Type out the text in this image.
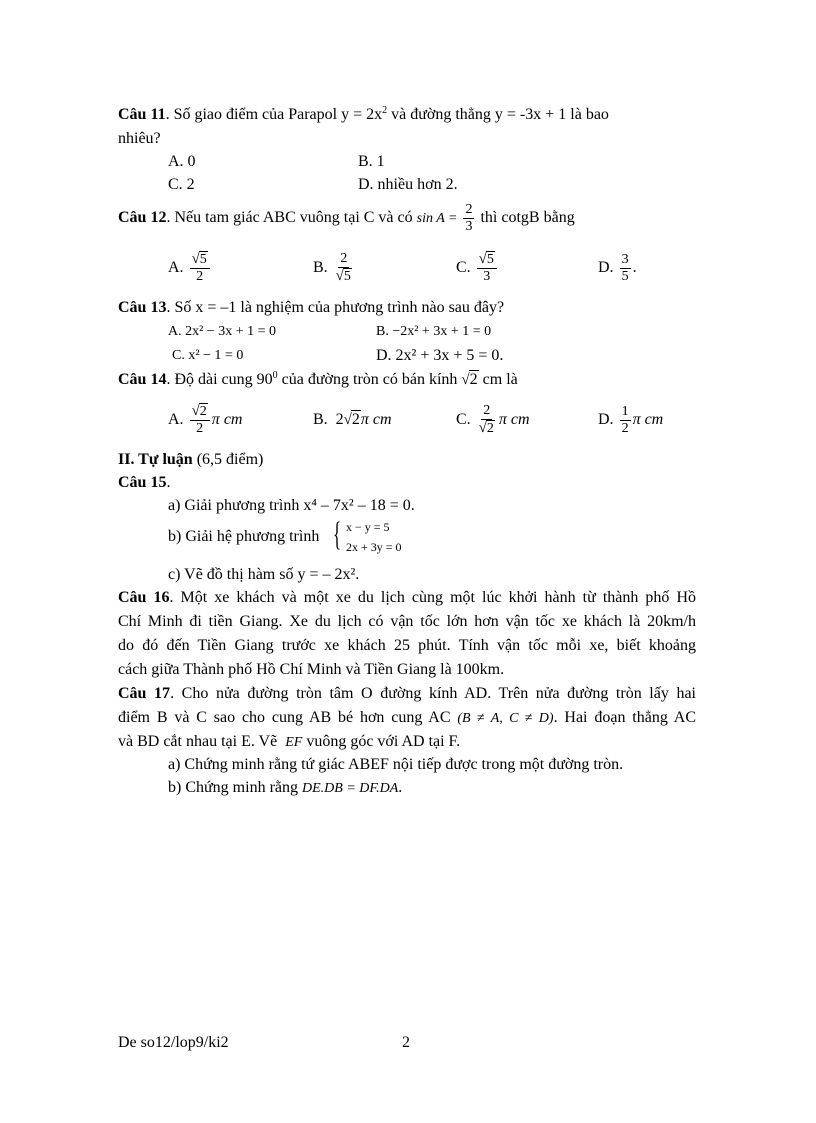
Câu 11. Số giao điểm của Parapol $y = 2x^2$ và đường thẳng y = -3x + 1 là bao
nhiêu?
A. 0	B. 1
C. 2	D. nhiều hơn 2.
Câu 12. Nếu tam giác ABC vuông tại C và có $\sin A = \frac{2}{3}$ thì cotgB bằng
A. $\frac{√5}{2}$	B. $\frac{2}{√5}$	C. $\frac{√5}{3}$	D. $\frac{3}{5}$ .
Câu 13. Số x = –1 là nghiệm của phương trình nào sau đây?
A. 2x² − 3x + 1 = 0	B. −2x² + 3x + 1 = 0
C. x² − 1 = 0	D. 2x² + 3x + 5 = 0.
Câu 14. Độ dài cung $90^0$ của đường tròn có bán kính √2 cm là
A. $\frac{√2}{2}$ π cm	B.  2√2π cm	C. $\frac{2}{√2}$ π cm	D. $\frac{1}{2}$ π cm
II. Tự luận (6,5 điểm)
Câu 15.
a) Giải phương trình x⁴ – 7x² – 18 = 0.
b) Giải hệ phương trình { x − y = 5
2x + 3y = 0
c) Vẽ đồ thị hàm số y = – 2x².
Câu 16. Một xe khách và một xe du lịch cùng một lúc khởi hành từ thành phố Hồ
Chí Minh đi tiền Giang. Xe du lịch có vận tốc lớn hơn vận tốc xe khách là 20km/h
do đó đến Tiền Giang trước xe khách 25 phút. Tính vận tốc mỗi xe, biết khoảng
cách giữa Thành phố Hồ Chí Minh và Tiền Giang là 100km.
Câu 17. Cho nửa đường tròn tâm O đường kính AD. Trên nửa đường tròn lấy hai
điểm B và C sao cho cung AB bé hơn cung AC (B ≠ A, C ≠ D). Hai đoạn thẳng AC
và BD cắt nhau tại E. Vẽ EF vuông góc với AD tại F.
a) Chứng minh rằng tứ giác ABEF nội tiếp được trong một đường tròn.
b) Chứng minh rằng DE.DB = DF.DA.
De so12/lop9/ki2	2
